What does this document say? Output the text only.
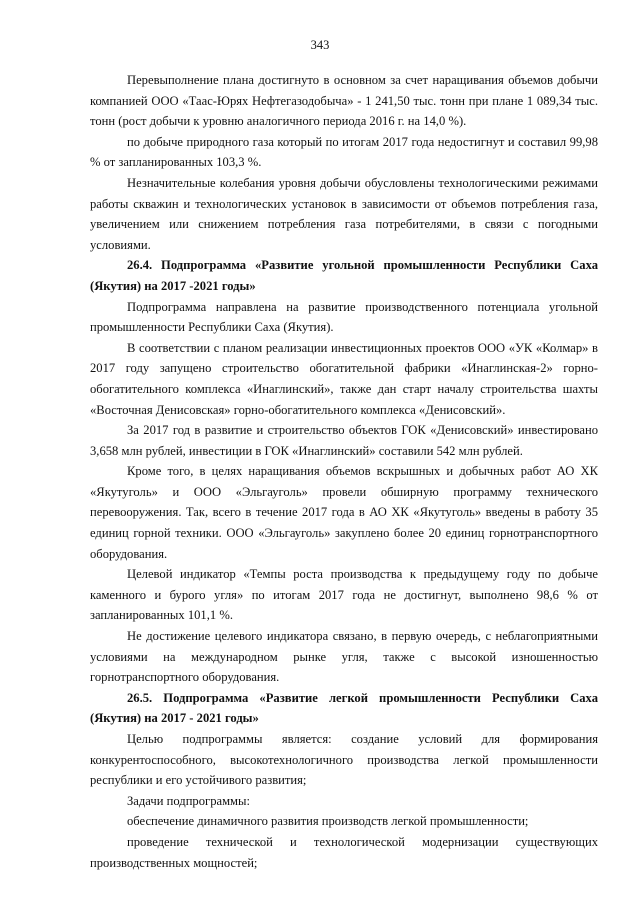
343

Перевыполнение плана достигнуто в основном за счет наращивания объемов добычи компанией ООО «Таас-Юрях Нефтегазодобыча» - 1 241,50 тыс. тонн при плане 1 089,34 тыс. тонн (рост добычи к уровню аналогичного периода 2016 г. на 14,0 %).

по добыче природного газа который по итогам 2017 года недостигнут и составил 99,98 % от запланированных 103,3 %.

Незначительные колебания уровня добычи обусловлены технологическими режимами работы скважин и технологических установок в зависимости от объемов потребления газа, увеличением или снижением потребления газа потребителями, в связи с погодными условиями.

26.4. Подпрограмма «Развитие угольной промышленности Республики Саха (Якутия) на 2017 -2021 годы»

Подпрограмма направлена на развитие производственного потенциала угольной промышленности Республики Саха (Якутия).

В соответствии с планом реализации инвестиционных проектов ООО «УК «Колмар» в 2017 году запущено строительство обогатительной фабрики «Инаглинская-2» горно-обогатительного комплекса «Инаглинский», также дан старт началу строительства шахты «Восточная Денисовская» горно-обогатительного комплекса «Денисовский».

За 2017 год в развитие и строительство объектов ГОК «Денисовский» инвестировано 3,658 млн рублей, инвестиции в ГОК «Инаглинский» составили 542 млн рублей.

Кроме того, в целях наращивания объемов вскрышных и добычных работ АО ХК «Якутуголь» и ООО «Эльгауголь» провели обширную программу технического перевооружения. Так, всего в течение 2017 года в АО ХК «Якутуголь» введены в работу 35 единиц горной техники. ООО «Эльгауголь» закуплено более 20 единиц горнотранспортного оборудования.

Целевой индикатор «Темпы роста производства к предыдущему году по добыче каменного и бурого угля» по итогам 2017 года не достигнут, выполнено 98,6 % от запланированных 101,1 %.

Не достижение целевого индикатора связано, в первую очередь, с неблагоприятными условиями на международном рынке угля, также с высокой изношенностью горнотранспортного оборудования.

26.5. Подпрограмма «Развитие легкой промышленности Республики Саха (Якутия) на 2017 - 2021 годы»

Целью подпрограммы является: создание условий для формирования конкурентоспособного, высокотехнологичного производства легкой промышленности республики и его устойчивого развития;

Задачи подпрограммы:

обеспечение динамичного развития производств легкой промышленности;

проведение технической и технологической модернизации существующих производственных мощностей;
